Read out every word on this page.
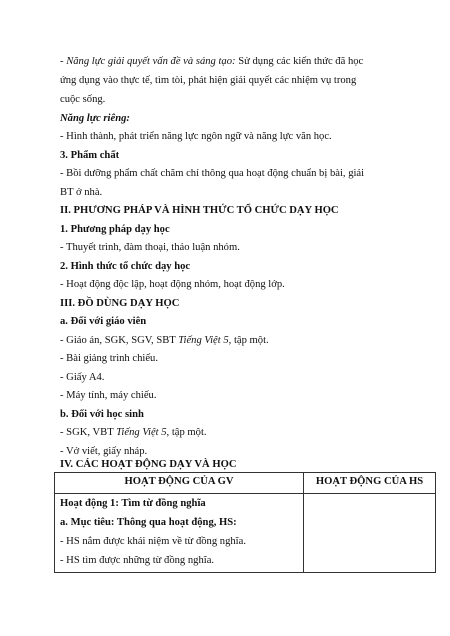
- Năng lực giải quyết vấn đề và sáng tạo: Sử dụng các kiến thức đã học
ứng dụng vào thực tế, tìm tòi, phát hiện giải quyết các nhiệm vụ trong
cuộc sống.
Năng lực riêng:
- Hình thành, phát triển năng lực ngôn ngữ và năng lực văn học.
3. Phẩm chất
- Bồi dưỡng phẩm chất chăm chỉ thông qua hoạt động chuẩn bị bài, giải
BT ở nhà.
II. PHƯƠNG PHÁP VÀ HÌNH THỨC TỔ CHỨC DẠY HỌC
1. Phương pháp dạy học
- Thuyết trình, đàm thoại, thảo luận nhóm.
2. Hình thức tổ chức dạy học
- Hoạt động độc lập, hoạt động nhóm, hoạt động lớp.
III. ĐỒ DÙNG DẠY HỌC
a. Đối với giáo viên
- Giáo án, SGK, SGV, SBT Tiếng Việt 5, tập một.
- Bài giảng trình chiếu.
- Giấy A4.
- Máy tính, máy chiếu.
b. Đối với học sinh
- SGK, VBT Tiếng Việt 5, tập một.
- Vở viết, giấy nháp.
IV. CÁC HOẠT ĐỘNG DẠY VÀ HỌC
HOẠT ĐỘNG CỦA GV	HOẠT ĐỘNG CỦA HS

Hoạt động 1: Tìm từ đồng nghĩa
a. Mục tiêu: Thông qua hoạt động, HS:
- HS nắm được khái niệm về từ đồng nghĩa.
- HS tìm được những từ đồng nghĩa.	
